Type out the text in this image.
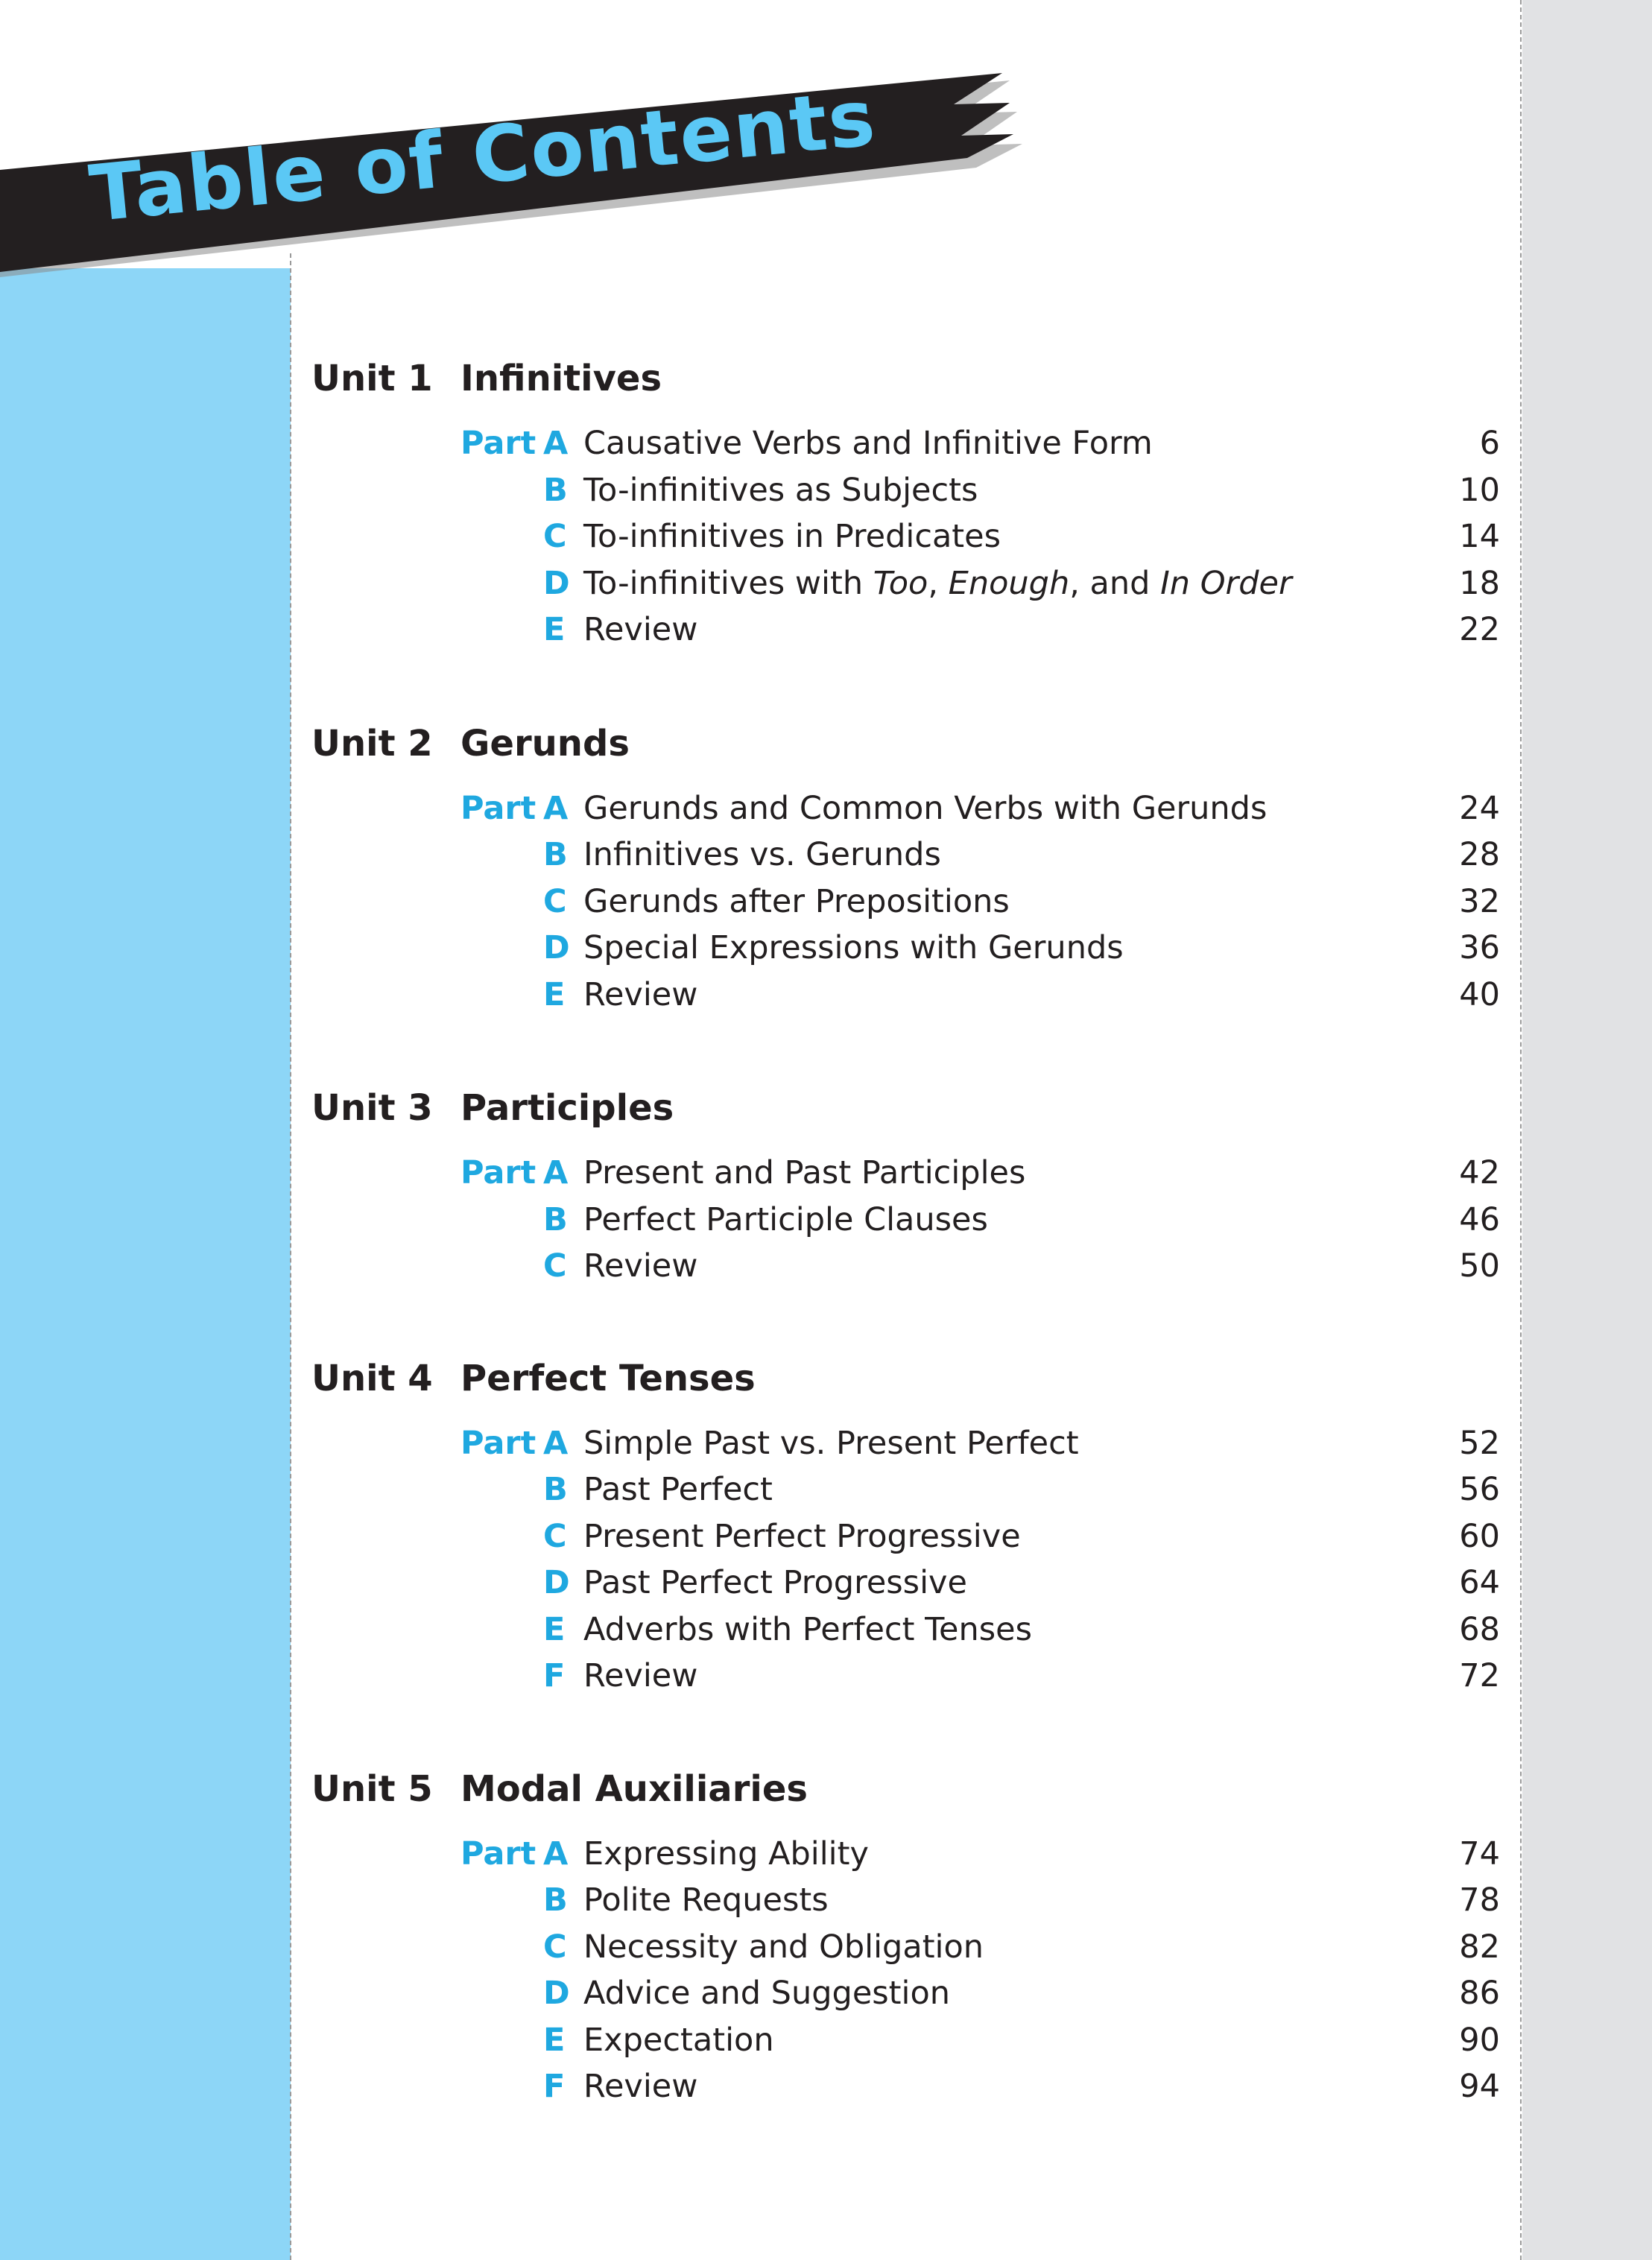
Table of Contents
Unit 1 Infinitives
Part A Causative Verbs and Infinitive Form	6
B To-infinitives as Subjects	10
C To-infinitives in Predicates	14
D To-infinitives with Too, Enough, and In Order	18
E Review	22
Unit 2 Gerunds
Part A Gerunds and Common Verbs with Gerunds	24
B Infinitives vs. Gerunds	28
C Gerunds after Prepositions	32
D Special Expressions with Gerunds	36
E Review	40
Unit 3 Participles
Part A Present and Past Participles	42
B Perfect Participle Clauses	46
C Review	50
Unit 4 Perfect Tenses
Part A Simple Past vs. Present Perfect	52
B Past Perfect	56
C Present Perfect Progressive	60
D Past Perfect Progressive	64
E Adverbs with Perfect Tenses	68
F Review	72
Unit 5 Modal Auxiliaries
Part A Expressing Ability	74
B Polite Requests	78
C Necessity and Obligation	82
D Advice and Suggestion	86
E Expectation	90
F Review	94
